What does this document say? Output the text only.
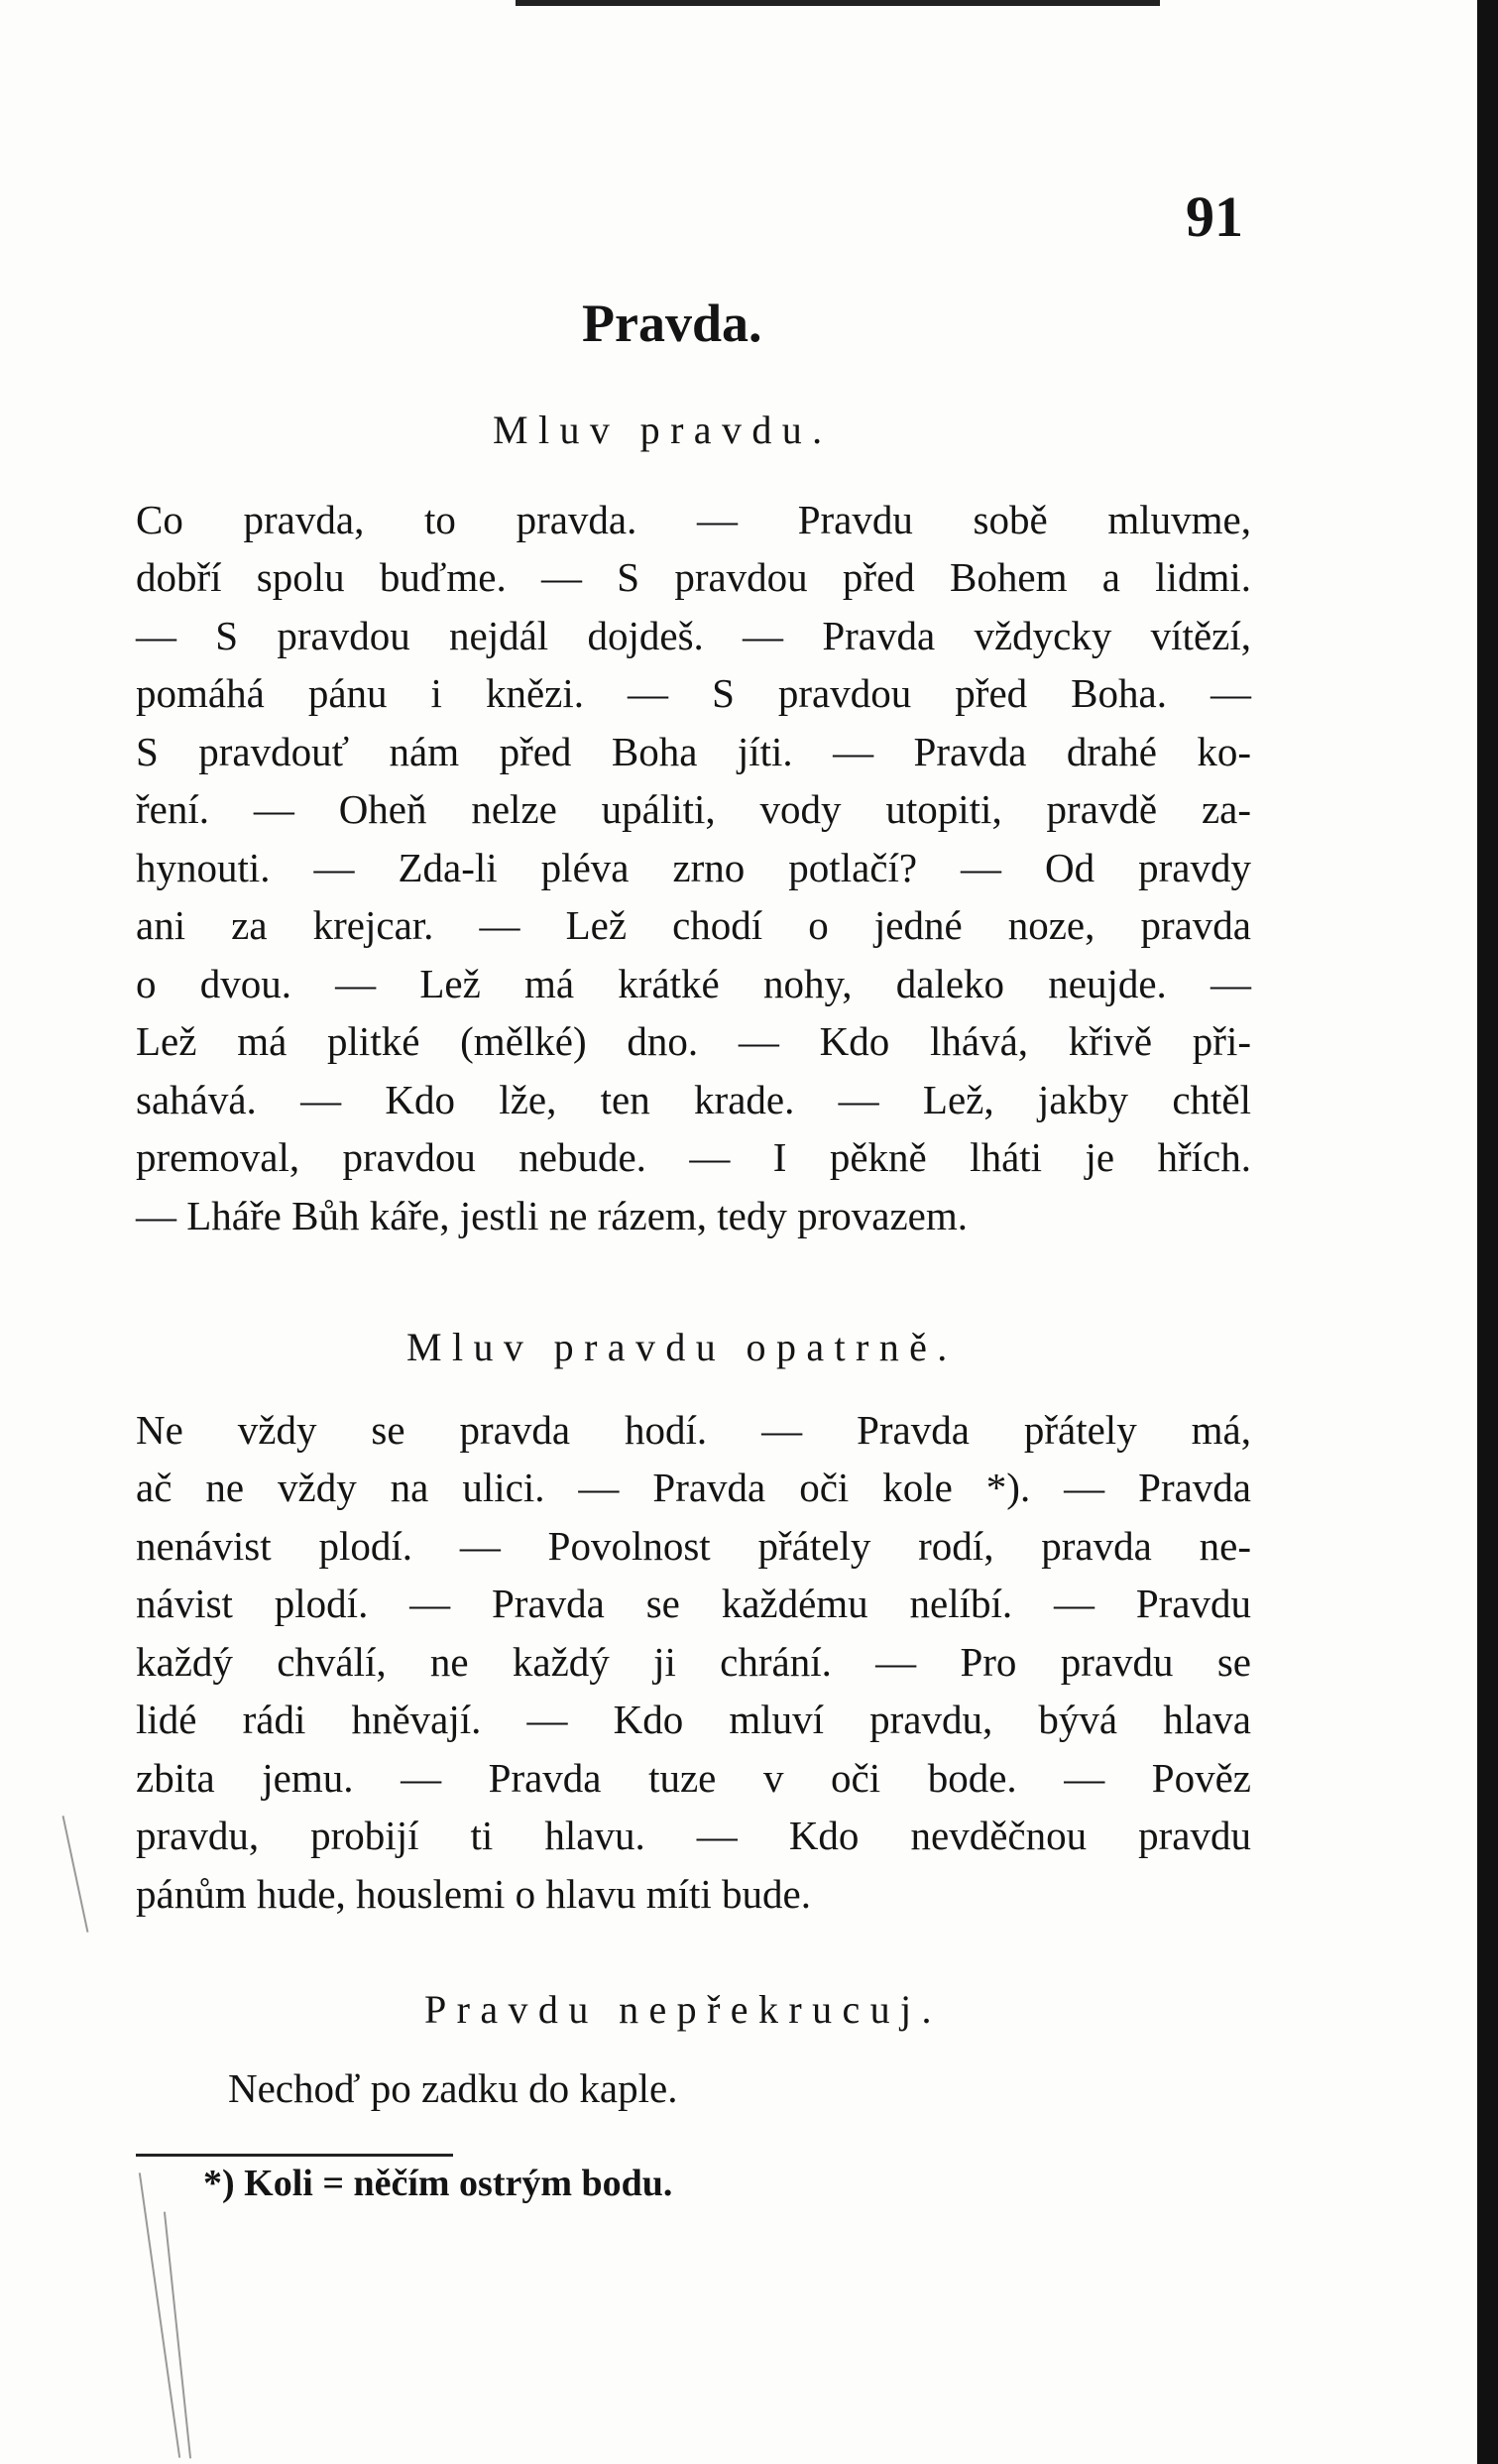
91
Pravda.
Mluv pravdu.
Co pravda, to pravda. — Pravdu sobě mluvme,
dobří spolu buďme. — S pravdou před Bohem a lidmi.
— S pravdou nejdál dojdeš. — Pravda vždycky vítězí,
pomáhá pánu i knězi. — S pravdou před Boha. —
S pravdouť nám před Boha jíti. — Pravda drahé ko-
ření. — Oheň nelze upáliti, vody utopiti, pravdě za-
hynouti. — Zda-li pléva zrno potlačí? — Od pravdy
ani za krejcar. — Lež chodí o jedné noze, pravda
o dvou. — Lež má krátké nohy, daleko neujde. —
Lež má plitké (mělké) dno. — Kdo lhává, křivě při-
sahává. — Kdo lže, ten krade. — Lež, jakby chtěl
premoval, pravdou nebude. — I pěkně lháti je hřích.
— Lháře Bůh káře, jestli ne rázem, tedy provazem.
Mluv pravdu opatrně.
Ne vždy se pravda hodí. — Pravda přátely má,
ač ne vždy na ulici. — Pravda oči kole *). — Pravda
nenávist plodí. — Povolnost přátely rodí, pravda ne-
návist plodí. — Pravda se každému nelíbí. — Pravdu
každý chválí, ne každý ji chrání. — Pro pravdu se
lidé rádi hněvají. — Kdo mluví pravdu, bývá hlava
zbita jemu. — Pravda tuze v oči bode. — Pověz
pravdu, probijí ti hlavu. — Kdo nevděčnou pravdu
pánům hude, houslemi o hlavu míti bude.
Pravdu nepřekrucuj.
Nechoď po zadku do kaple.
*) Koli = něčím ostrým bodu.
